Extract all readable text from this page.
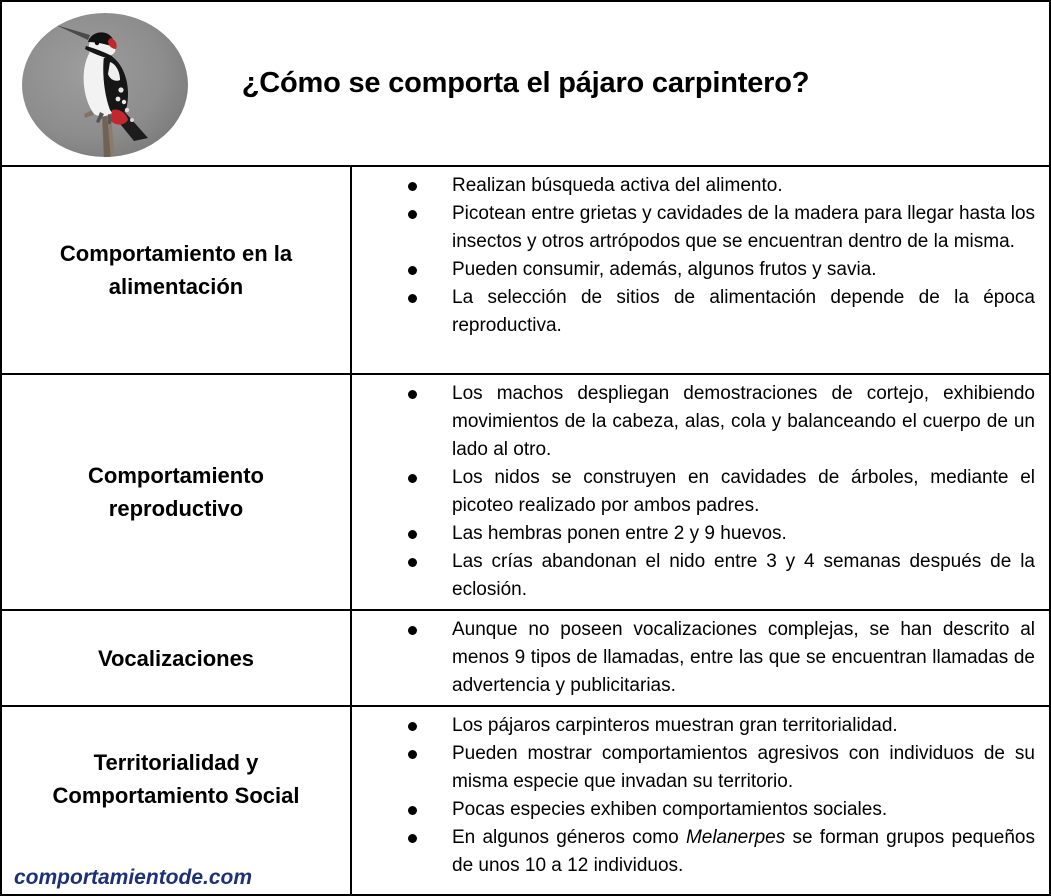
¿Cómo se comporta el pájaro carpintero?
Comportamiento en la alimentación
Realizan búsqueda activa del alimento.
Picotean entre grietas y cavidades de la madera para llegar hasta los insectos y otros artrópodos que se encuentran dentro de la misma.
Pueden consumir, además, algunos frutos y savia.
La selección de sitios de alimentación depende de la época reproductiva.
Comportamiento reproductivo
Los machos despliegan demostraciones de cortejo, exhibiendo movimientos de la cabeza, alas, cola y balanceando el cuerpo de un lado al otro.
Los nidos se construyen en cavidades de árboles, mediante el picoteo realizado por ambos padres.
Las hembras ponen entre 2 y 9 huevos.
Las crías abandonan el nido entre 3 y 4 semanas después de la eclosión.
Vocalizaciones
Aunque no poseen vocalizaciones complejas, se han descrito al menos 9 tipos de llamadas, entre las que se encuentran llamadas de advertencia y publicitarias.
Territorialidad y Comportamiento Social
comportamientode.com
Los pájaros carpinteros muestran gran territorialidad.
Pueden mostrar comportamientos agresivos con individuos de su misma especie que invadan su territorio.
Pocas especies exhiben comportamientos sociales.
En algunos géneros como Melanerpes se forman grupos pequeños de unos 10 a 12 individuos.
